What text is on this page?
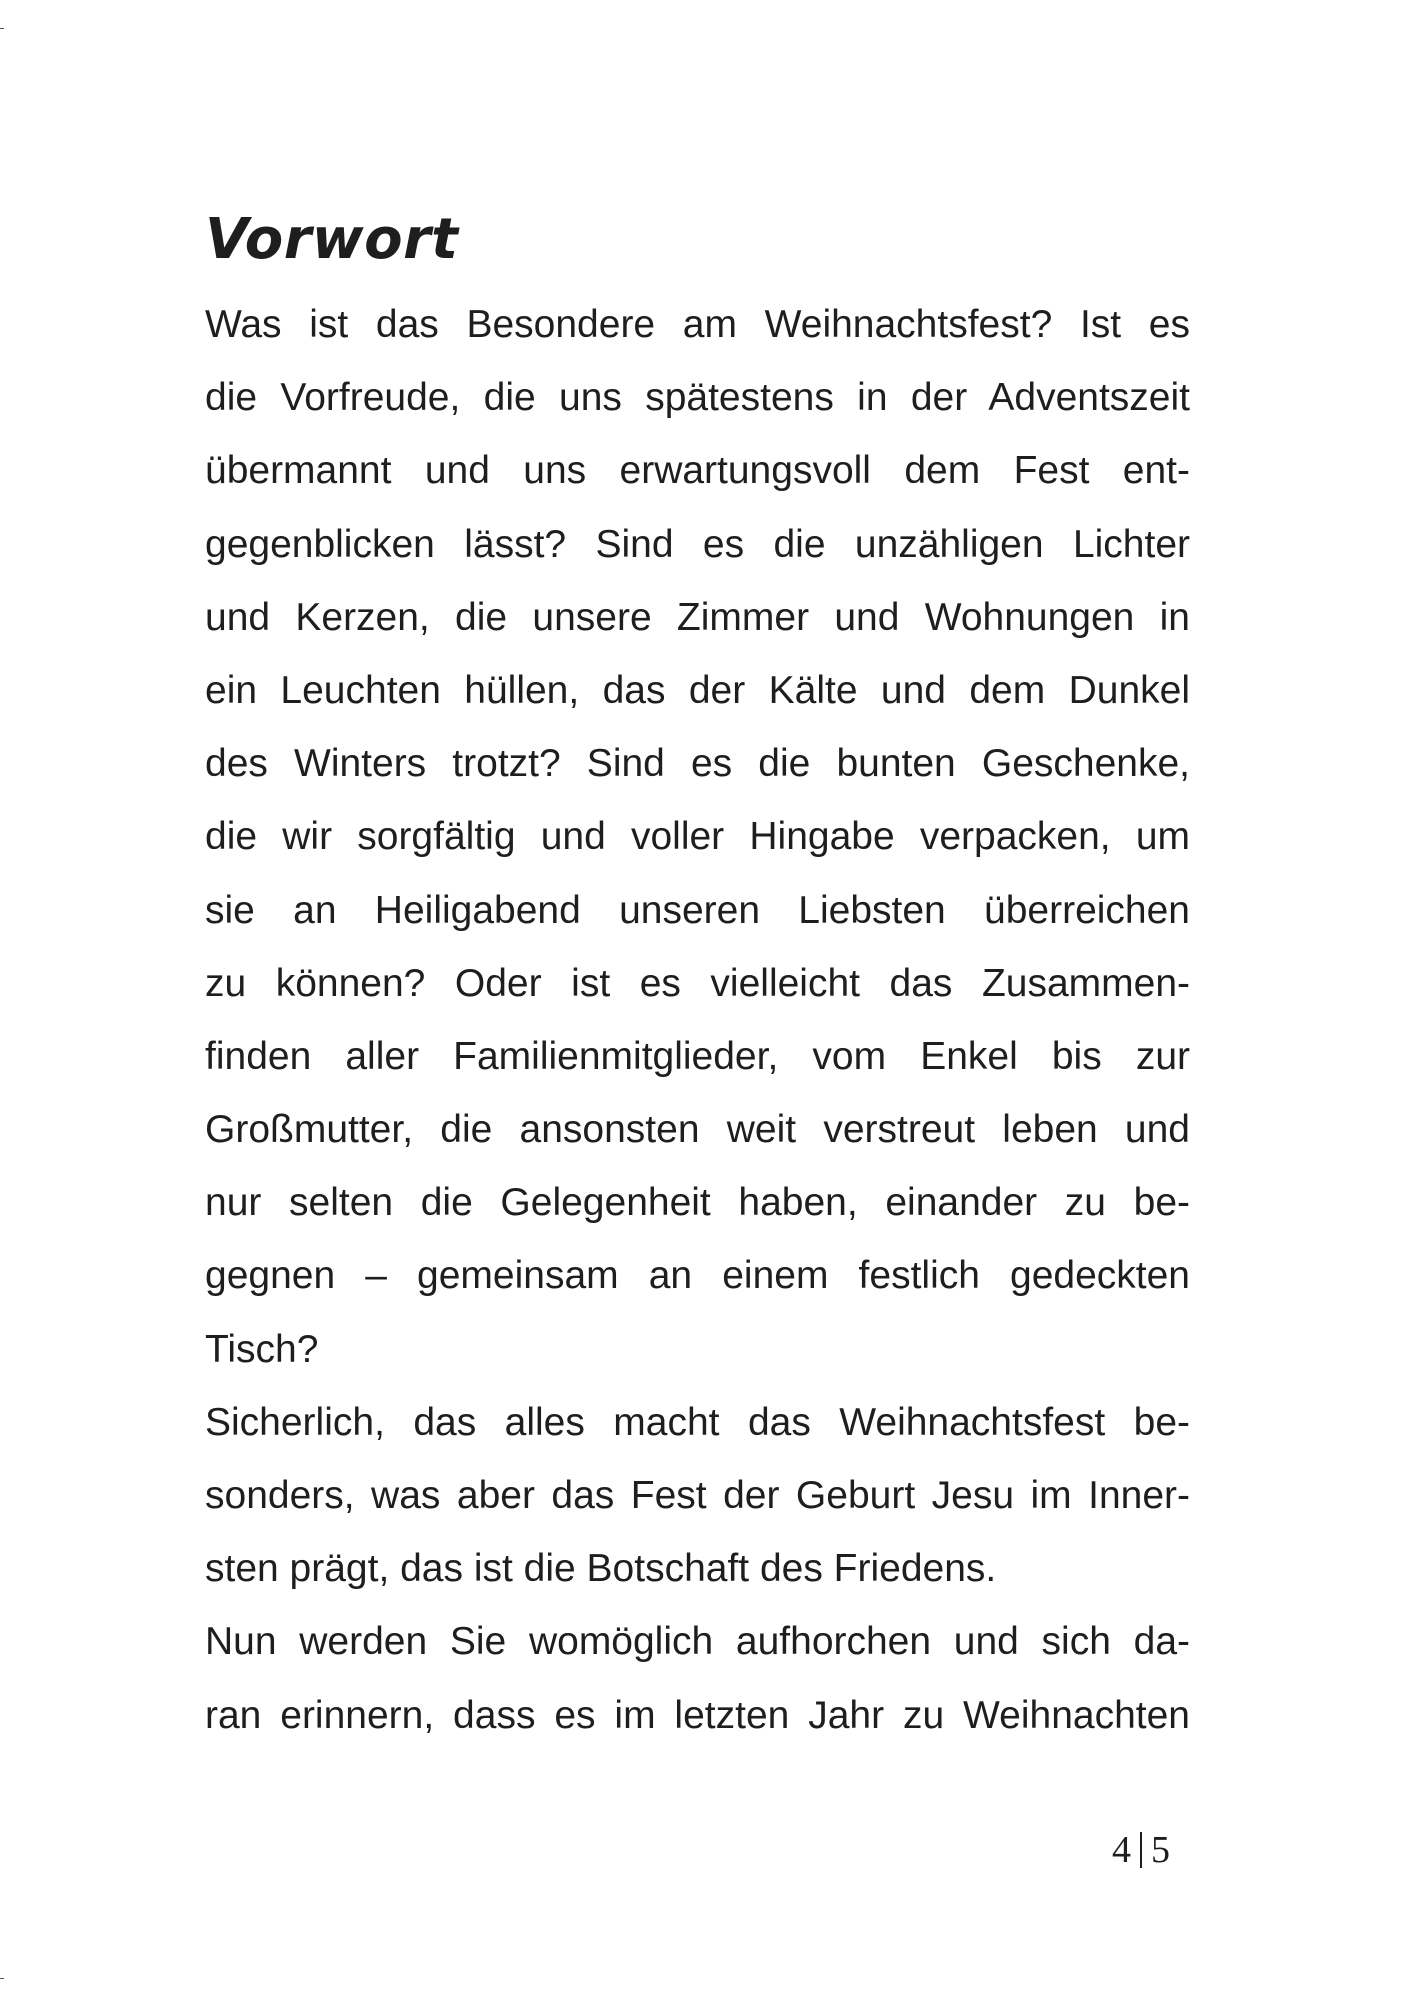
Vorwort
Was ist das Besondere am Weihnachtsfest? Ist es
die Vorfreude, die uns spätestens in der Adventszeit
übermannt und uns erwartungsvoll dem Fest ent-
gegenblicken lässt? Sind es die unzähligen Lichter
und Kerzen, die unsere Zimmer und Wohnungen in
ein Leuchten hüllen, das der Kälte und dem Dunkel
des Winters trotzt? Sind es die bunten Geschenke,
die wir sorgfältig und voller Hingabe verpacken, um
sie an Heiligabend unseren Liebsten überreichen
zu können? Oder ist es vielleicht das Zusammen-
finden aller Familienmitglieder, vom Enkel bis zur
Großmutter, die ansonsten weit verstreut leben und
nur selten die Gelegenheit haben, einander zu be-
gegnen – gemeinsam an einem festlich gedeckten
Tisch?
Sicherlich, das alles macht das Weihnachtsfest be-
sonders, was aber das Fest der Geburt Jesu im Inner-
sten prägt, das ist die Botschaft des Friedens.
Nun werden Sie womöglich aufhorchen und sich da-
ran erinnern, dass es im letzten Jahr zu Weihnachten
4 5
